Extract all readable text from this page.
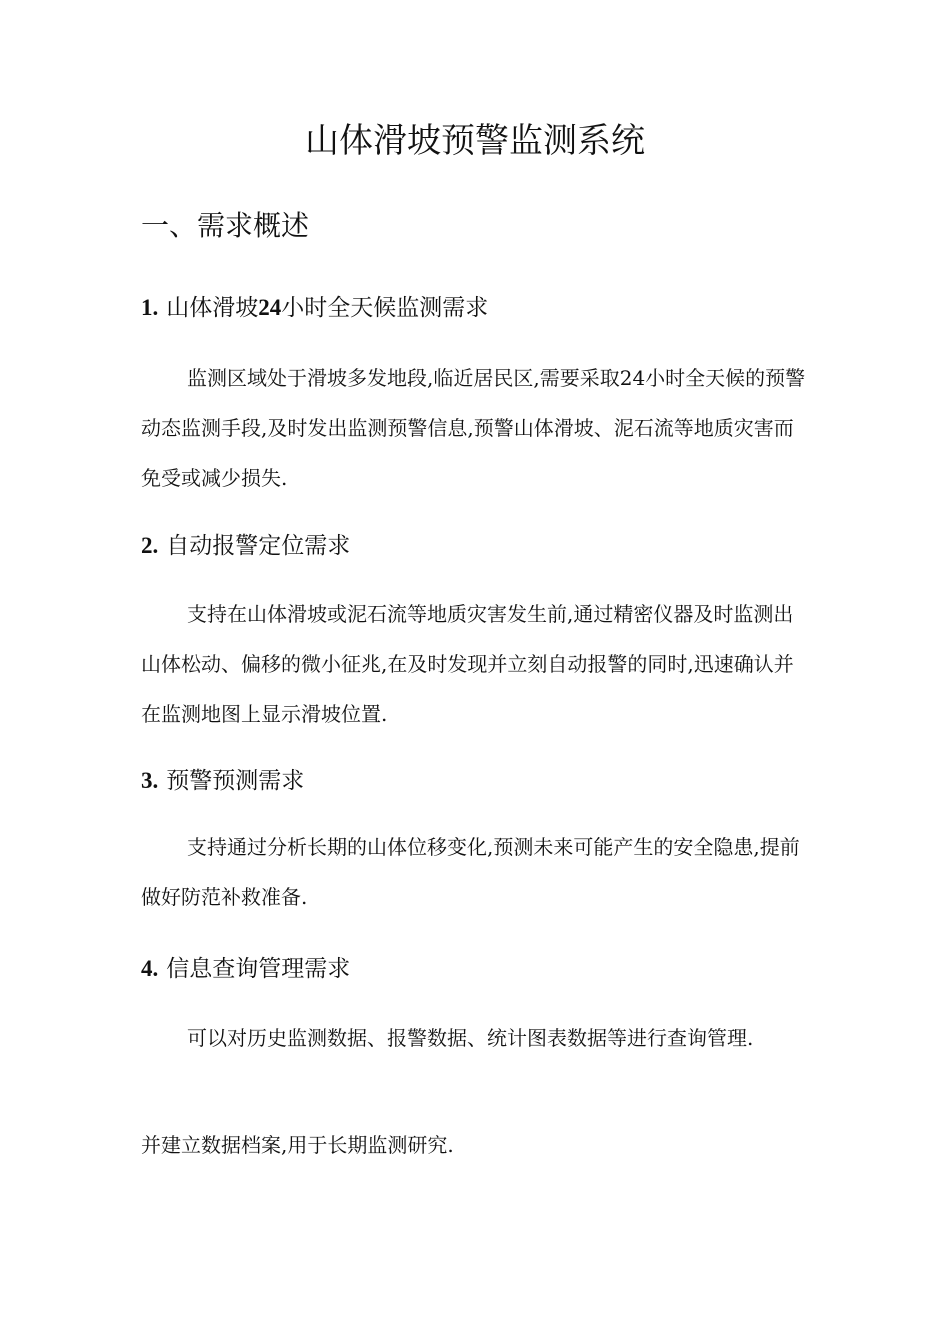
山体滑坡预警监测系统
一、需求概述
1. 山体滑坡24小时全天候监测需求

监测区域处于滑坡多发地段,临近居民区,需要采取24小时全天候的预警动态监测手段,及时发出监测预警信息,预警山体滑坡、泥石流等地质灾害而免受或减少损失.

2. 自动报警定位需求

支持在山体滑坡或泥石流等地质灾害发生前,通过精密仪器及时监测出山体松动、偏移的微小征兆,在及时发现并立刻自动报警的同时,迅速确认并在监测地图上显示滑坡位置.

3. 预警预测需求

支持通过分析长期的山体位移变化,预测未来可能产生的安全隐患,提前做好防范补救准备.

4. 信息查询管理需求

可以对历史监测数据、报警数据、统计图表数据等进行查询管理.

并建立数据档案,用于长期监测研究.
